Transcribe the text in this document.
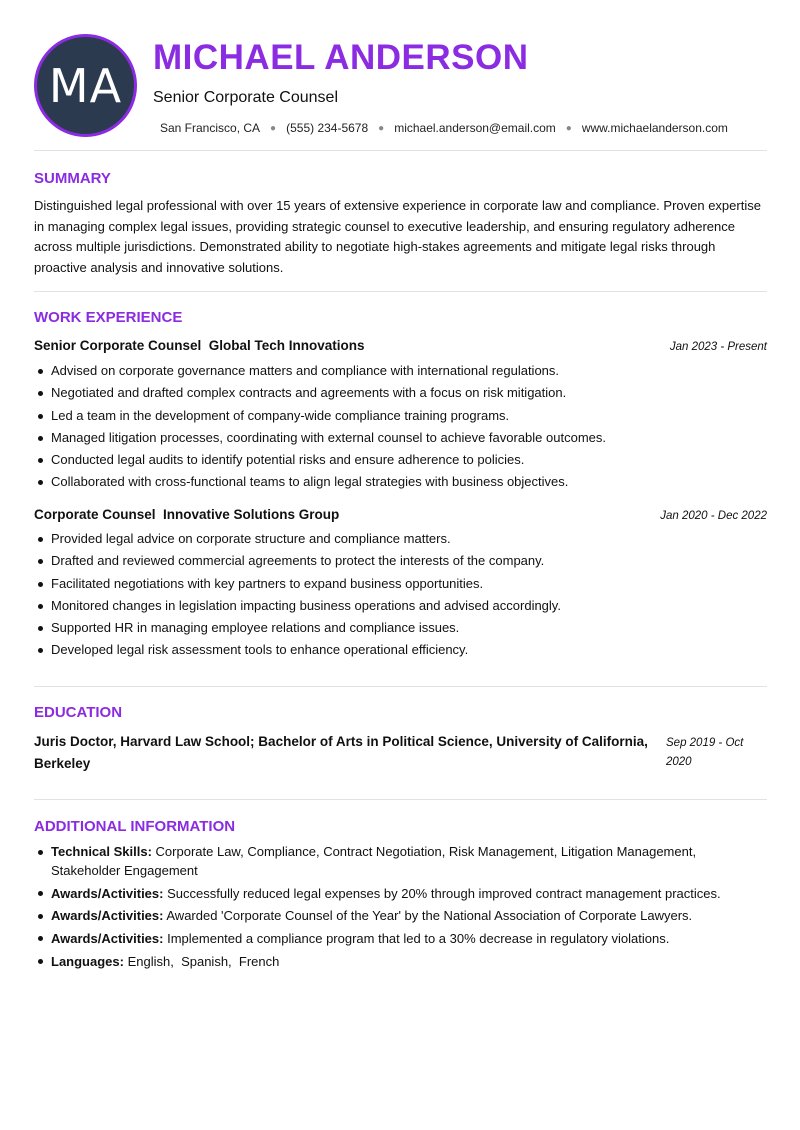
MA
MICHAEL ANDERSON
Senior Corporate Counsel
San Francisco, CA ● (555) 234-5678 ● michael.anderson@email.com ● www.michaelanderson.com
SUMMARY
Distinguished legal professional with over 15 years of extensive experience in corporate law and compliance. Proven expertise in managing complex legal issues, providing strategic counsel to executive leadership, and ensuring regulatory adherence across multiple jurisdictions. Demonstrated ability to negotiate high-stakes agreements and mitigate legal risks through proactive analysis and innovative solutions.
WORK EXPERIENCE
Senior Corporate Counsel  Global Tech Innovations	Jan 2023 - Present
Advised on corporate governance matters and compliance with international regulations.
Negotiated and drafted complex contracts and agreements with a focus on risk mitigation.
Led a team in the development of company-wide compliance training programs.
Managed litigation processes, coordinating with external counsel to achieve favorable outcomes.
Conducted legal audits to identify potential risks and ensure adherence to policies.
Collaborated with cross-functional teams to align legal strategies with business objectives.
Corporate Counsel  Innovative Solutions Group	Jan 2020 - Dec 2022
Provided legal advice on corporate structure and compliance matters.
Drafted and reviewed commercial agreements to protect the interests of the company.
Facilitated negotiations with key partners to expand business opportunities.
Monitored changes in legislation impacting business operations and advised accordingly.
Supported HR in managing employee relations and compliance issues.
Developed legal risk assessment tools to enhance operational efficiency.
EDUCATION
Juris Doctor, Harvard Law School; Bachelor of Arts in Political Science, University of California, Berkeley
Sep 2019 - Oct 2020
ADDITIONAL INFORMATION
Technical Skills: Corporate Law, Compliance, Contract Negotiation, Risk Management, Litigation Management, Stakeholder Engagement
Awards/Activities: Successfully reduced legal expenses by 20% through improved contract management practices.
Awards/Activities: Awarded 'Corporate Counsel of the Year' by the National Association of Corporate Lawyers.
Awards/Activities: Implemented a compliance program that led to a 30% decrease in regulatory violations.
Languages: English,  Spanish,  French
